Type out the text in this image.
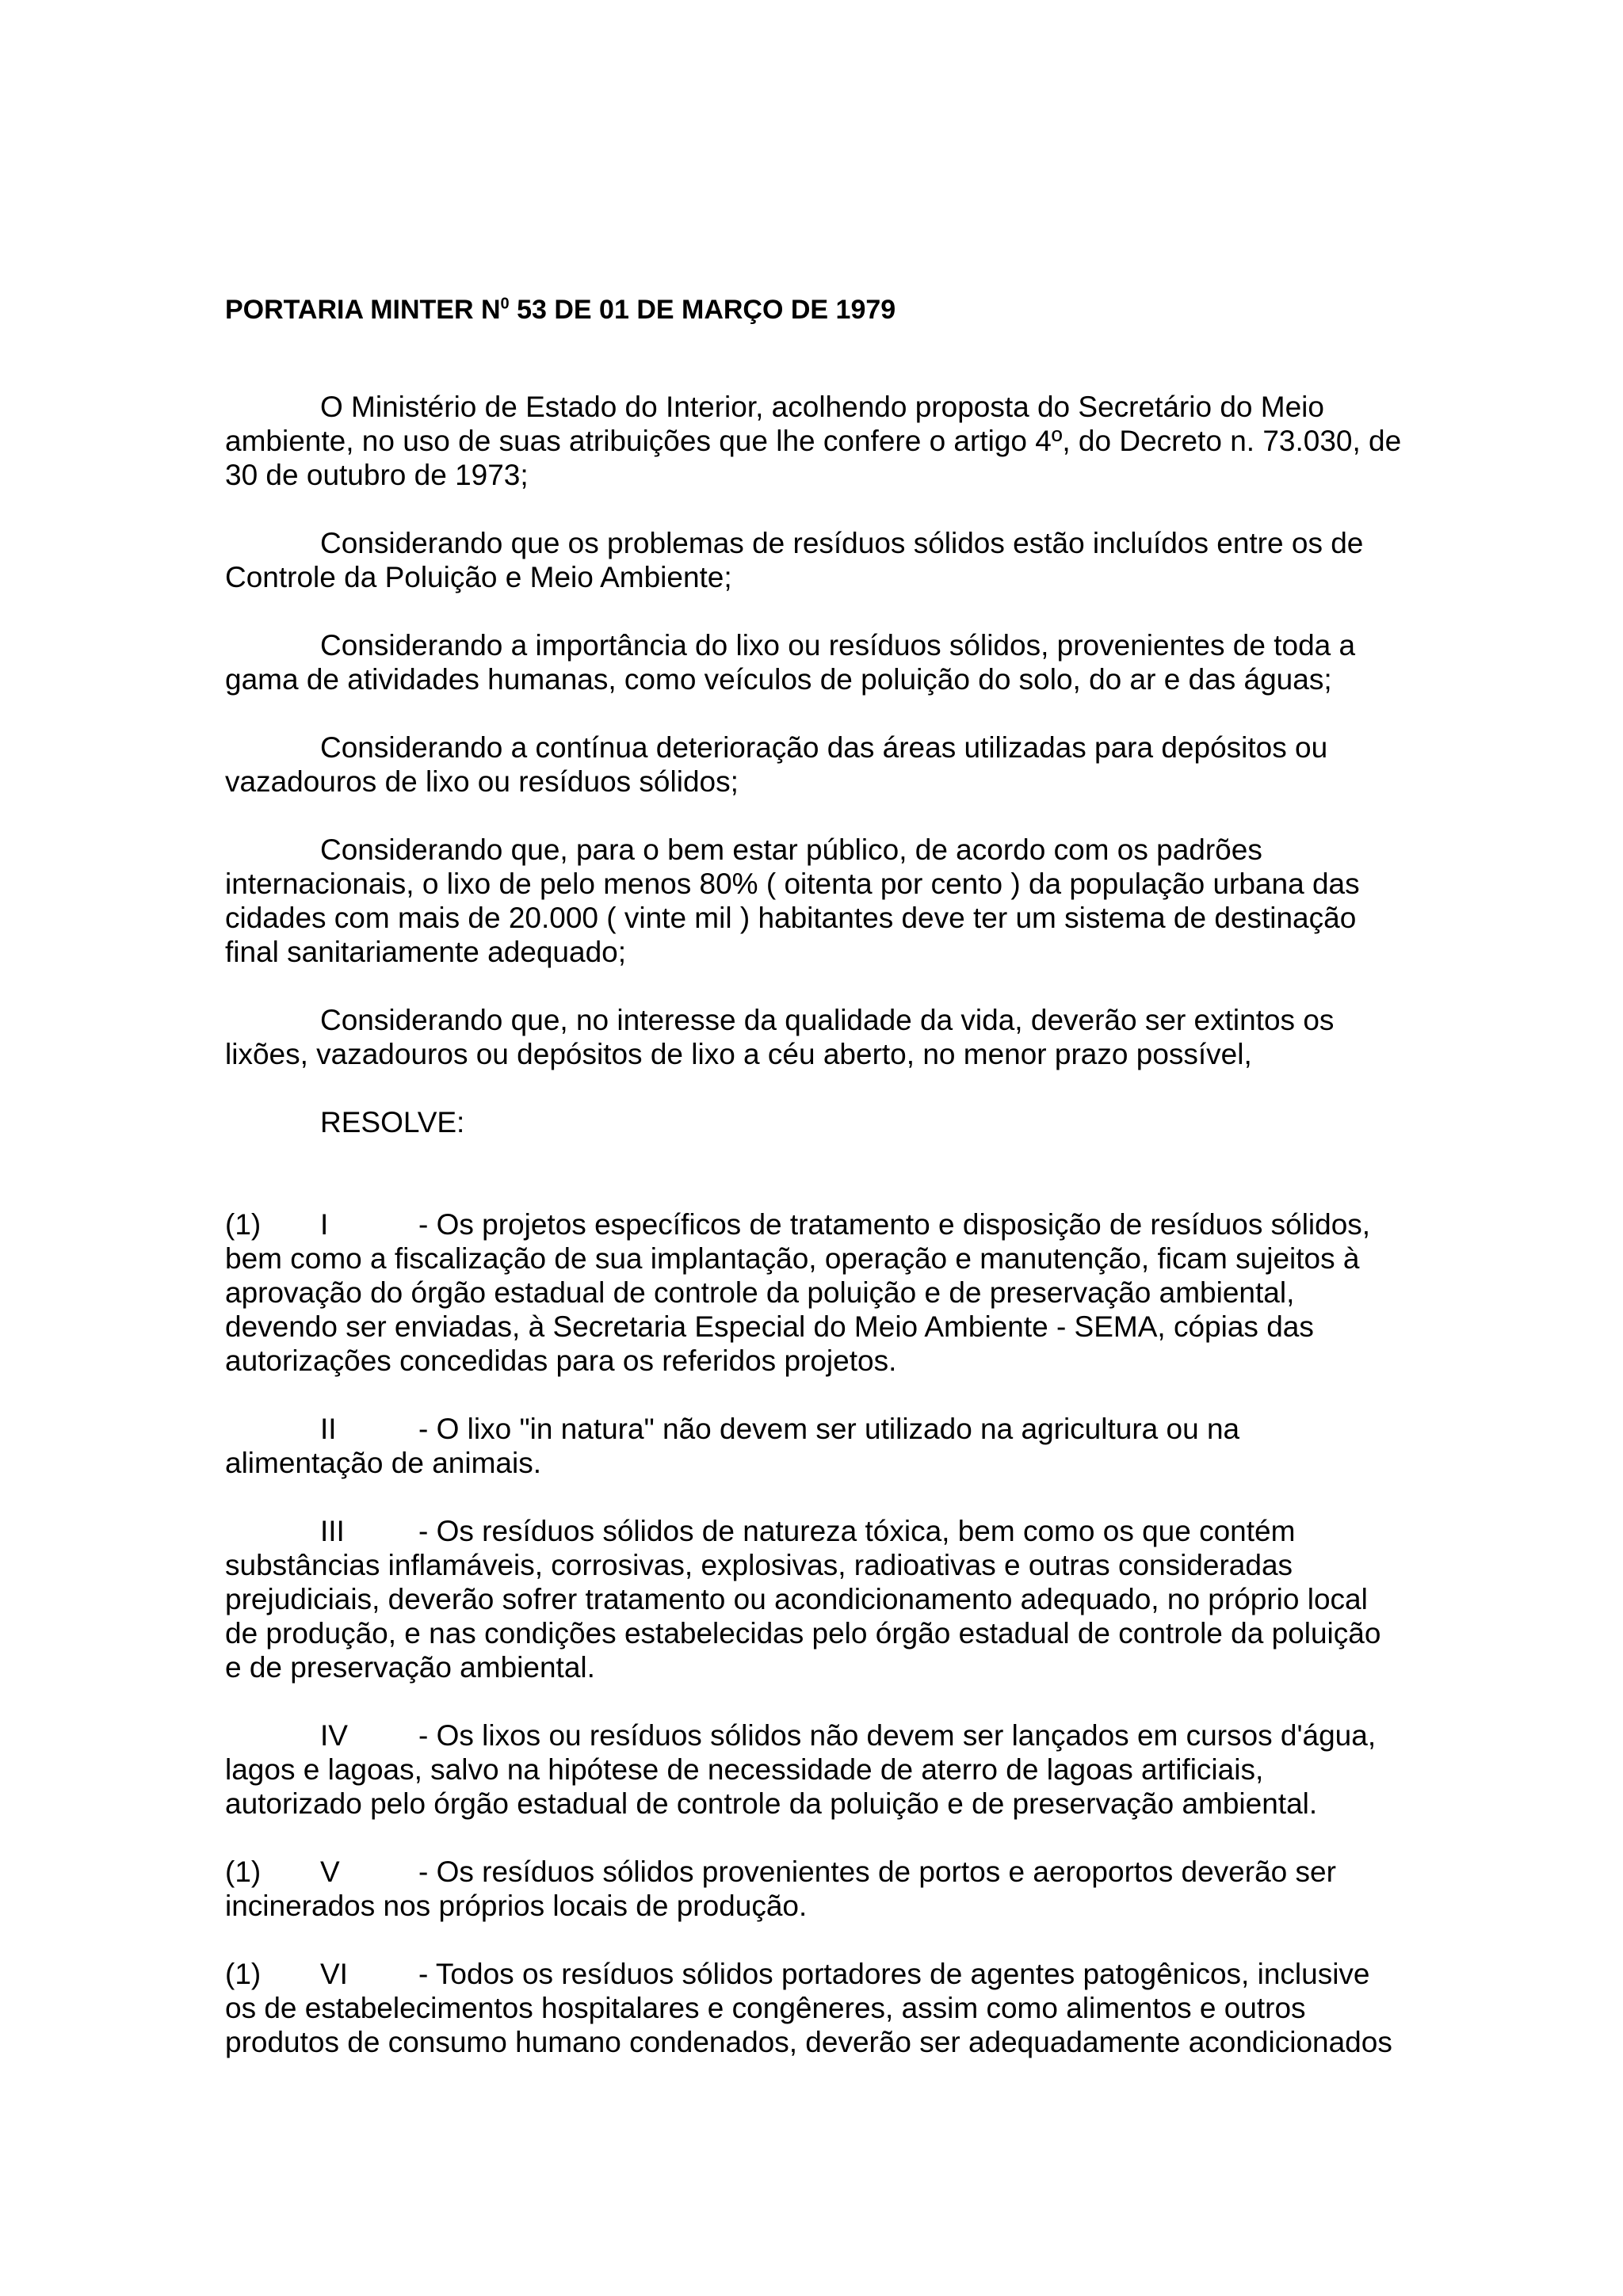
PORTARIA MINTER $N^0$ 53 DE 01 DE MARÇO DE 1979

O Ministério de Estado do Interior, acolhendo proposta do Secretário do Meio
ambiente, no uso de suas atribuições que lhe confere o artigo 4º, do Decreto n. 73.030, de
30 de outubro de 1973;

Considerando que os problemas de resíduos sólidos estão incluídos entre os de
Controle da Poluição e Meio Ambiente;

Considerando a importância do lixo ou resíduos sólidos, provenientes de toda a
gama de atividades humanas, como veículos de poluição do solo, do ar e das águas;

Considerando a contínua deterioração das áreas utilizadas para depósitos ou
vazadouros de lixo ou resíduos sólidos;

Considerando que, para o bem estar público, de acordo com os padrões
internacionais, o lixo de pelo menos 80% ( oitenta por cento ) da população urbana das
cidades com mais de 20.000 ( vinte mil ) habitantes deve ter um sistema de destinação
final sanitariamente adequado;

Considerando que, no interesse da qualidade da vida, deverão ser extintos os
lixões, vazadouros ou depósitos de lixo a céu aberto, no menor prazo possível,

RESOLVE:

(1) I	- Os projetos específicos de tratamento e disposição de resíduos sólidos,

bem como a fiscalização de sua implantação, operação e manutenção, ficam sujeitos à
aprovação do órgão estadual de controle da poluição e de preservação ambiental,
devendo ser enviadas, à Secretaria Especial do Meio Ambiente - SEMA, cópias das
autorizações concedidas para os referidos projetos.

II	- O lixo "in natura" não devem ser utilizado na agricultura ou na

alimentação de animais.

III	- Os resíduos sólidos de natureza tóxica, bem como os que contém

substâncias inflamáveis, corrosivas, explosivas, radioativas e outras consideradas
prejudiciais, deverão sofrer tratamento ou acondicionamento adequado, no próprio local
de produção, e nas condições estabelecidas pelo órgão estadual de controle da poluição
e de preservação ambiental.

IV - Os lixos ou resíduos sólidos não devem ser lançados em cursos d'água,

lagos e lagoas, salvo na hipótese de necessidade de aterro de lagoas artificiais,
autorizado pelo órgão estadual de controle da poluição e de preservação ambiental.

(1) V	- Os resíduos sólidos provenientes de portos e aeroportos deverão ser

incinerados nos próprios locais de produção.

(1) VI - Todos os resíduos sólidos portadores de agentes patogênicos, inclusive

os de estabelecimentos hospitalares e congêneres, assim como alimentos e outros
produtos de consumo humano condenados, deverão ser adequadamente acondicionados
